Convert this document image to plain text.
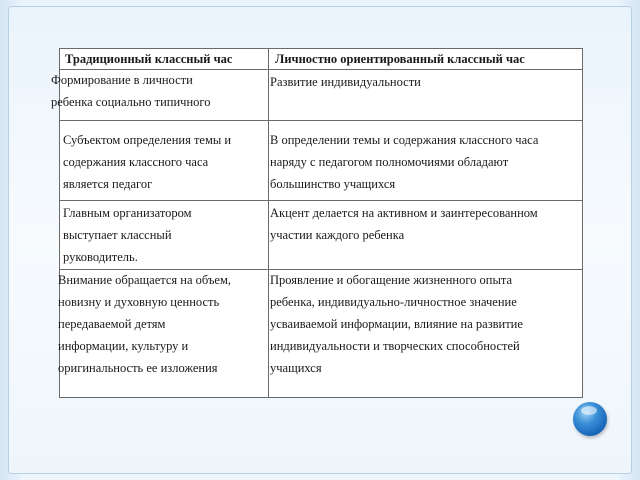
Традиционный классный час	Личностно ориентированный классный час
Формирование в личности
ребенка социально типичного
Развитие индивидуальности
Субъектом определения темы и
содержания классного часа
является педагог
В определении темы и содержания классного часа
наряду с педагогом полномочиями обладают
большинство учащихся
Главным организатором
выступает классный
руководитель.
Акцент делается на активном и заинтересованном
участии каждого ребенка
Внимание обращается на объем,
новизну и духовную ценность
передаваемой детям
информации, культуру и
оригинальность ее изложения
Проявление и обогащение жизненного опыта
ребенка, индивидуально-личностное значение
усваиваемой информации, влияние на развитие
индивидуальности и творческих способностей
учащихся
